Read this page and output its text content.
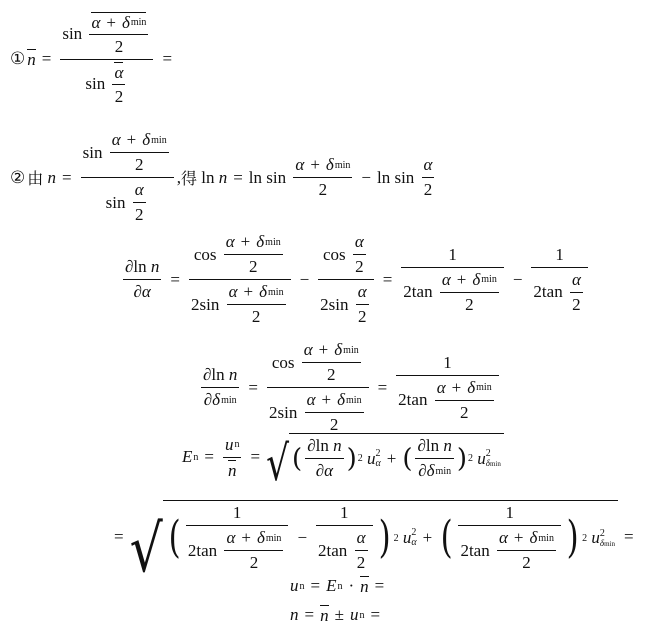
① n =
sin
$\frac{\text{α + δ min}}{2}$
sin
$\frac{\alpha}{2}$
=
② 由
n =
sin
$\frac{\text{α + δ min}}{2}$
sin
$\frac{\alpha}{2}$
, 得
ln
n = ln
sin
$\frac{\text{α + δ min}}{2} - \ln$
sin
$\frac{\alpha}{2}$
∂ ln
n
∂ α = cos
$\frac{\text{α + δ min}}{2}$
2 sin
$\frac{\text{α + δ min}}{2} - \cos$
$\frac{\alpha}{2}$
2 sin
$\frac{\alpha}{2} = 1$
2 tan
$\frac{\text{α + δ min}}{2} - 1$
2 tan
$\frac{\alpha}{2}$
∂ ln
n
∂ δ min = cos
$\frac{\text{α + δ min}}{2}$
2 sin
$\frac{\text{α + δ min}}{2} = 1$
2 tan
$\frac{\text{α + δ min}}{2}$
E $n = \frac{\text{u n}}{n}$ = √ ( ∂ ln
n
∂ α ) 2
u 2
α + ( ∂ ln
n
∂ δ min ) 2
u 2
δmin
= √ (	1
2 tan
$\frac{\text{α + δ min}}{2}$ −
1
2 tan
$\frac{\alpha}{2}$ ) 2
u 2
α + (	1
2 tan
$\frac{\text{α + δ min}}{2}$ ) 2
u 2
δmin =
u n = E n · n =
n = n ± u n =
